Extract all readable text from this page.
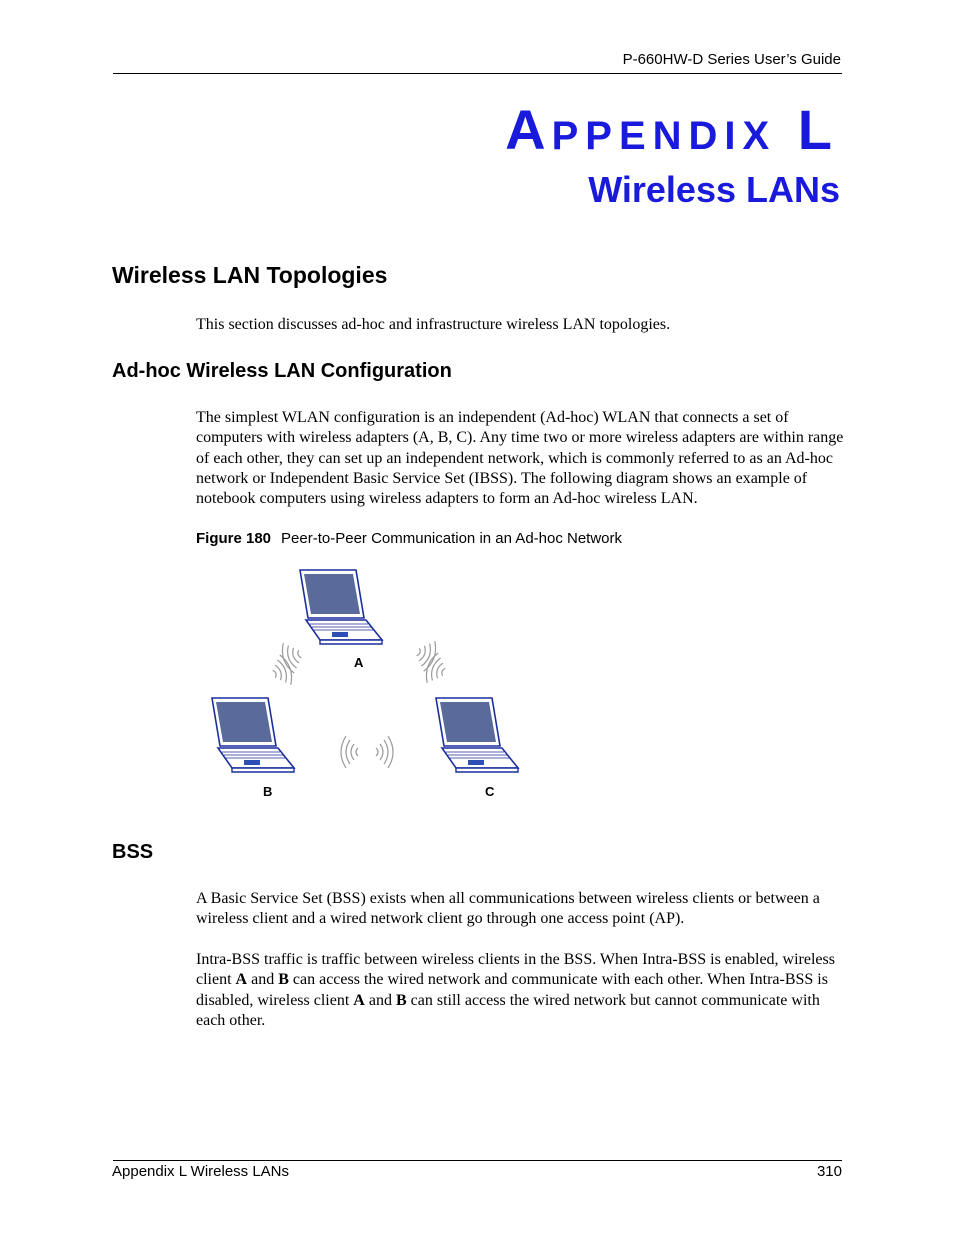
P-660HW-D Series User’s Guide
APPENDIX L
Wireless LANs
Wireless LAN Topologies
This section discusses ad-hoc and infrastructure wireless LAN topologies.
Ad-hoc Wireless LAN Configuration
The simplest WLAN configuration is an independent (Ad-hoc) WLAN that connects a set of computers with wireless adapters (A, B, C). Any time two or more wireless adapters are within range of each other, they can set up an independent network, which is commonly referred to as an Ad-hoc network or Independent Basic Service Set (IBSS). The following diagram shows an example of notebook computers using wireless adapters to form an Ad-hoc wireless LAN.
Figure 180 Peer-to-Peer Communication in an Ad-hoc Network
A
B	C
BSS
A Basic Service Set (BSS) exists when all communications between wireless clients or between a wireless client and a wired network client go through one access point (AP).
Intra-BSS traffic is traffic between wireless clients in the BSS. When Intra-BSS is enabled, wireless client A and B can access the wired network and communicate with each other. When Intra-BSS is disabled, wireless client A and B can still access the wired network but cannot communicate with each other.
Appendix L Wireless LANs	310
